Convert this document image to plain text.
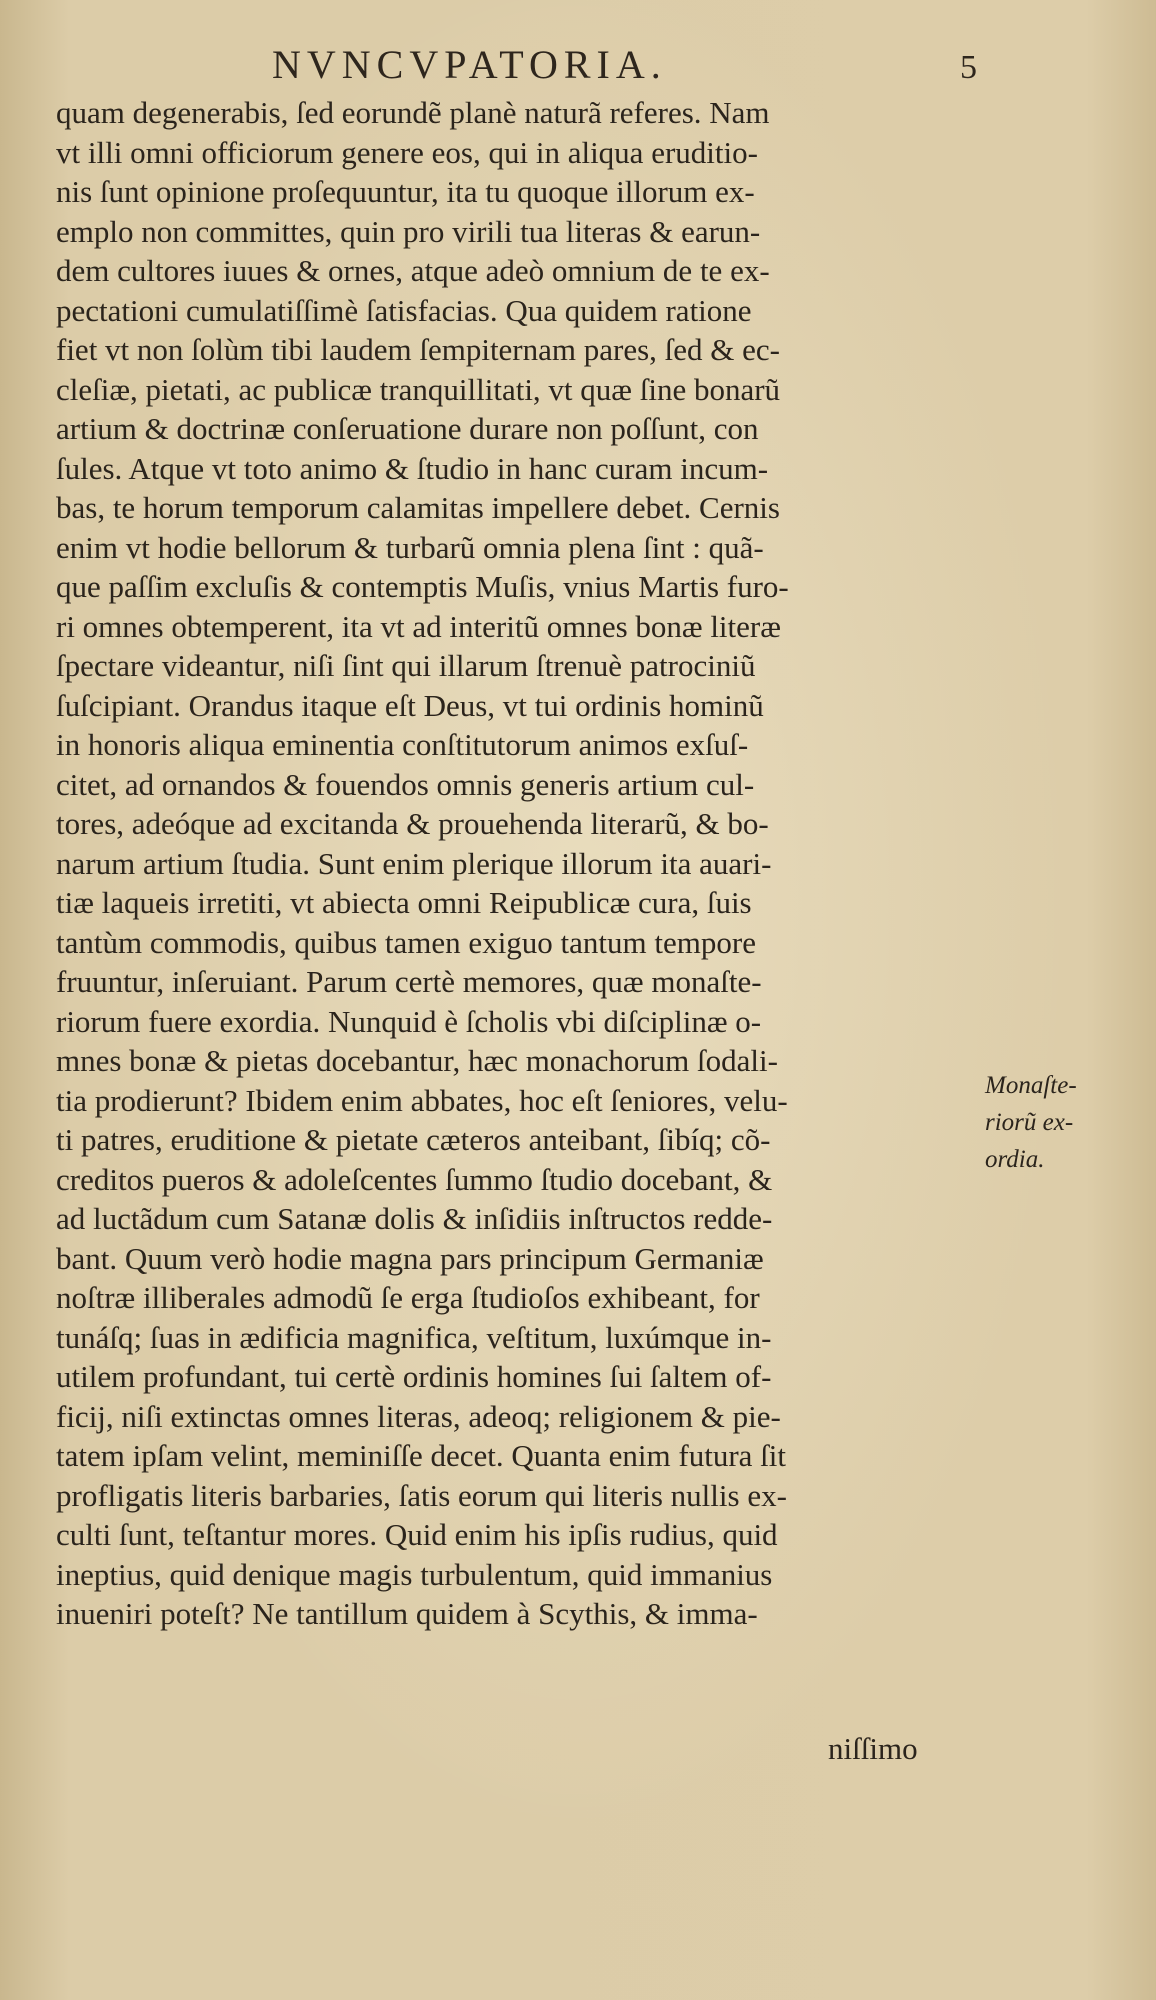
NVNCVPATORIA.	5
quam degenerabis, ſed eorundẽ planè naturã referes. Nam
vt illi omni officiorum genere eos, qui in aliqua eruditio-
nis ſunt opinione proſequuntur, ita tu quoque illorum ex-
emplo non committes, quin pro virili tua literas & earun-
dem cultores iuues & ornes, atque adeò omnium de te ex-
pectationi cumulatiſſimè ſatisfacias. Qua quidem ratione
fiet vt non ſolùm tibi laudem ſempiternam pares, ſed & ec-
cleſiæ, pietati, ac publicæ tranquillitati, vt quæ ſine bonarũ
artium & doctrinæ conſeruatione durare non poſſunt, con
ſules. Atque vt toto animo & ſtudio in hanc curam incum-
bas, te horum temporum calamitas impellere debet. Cernis
enim vt hodie bellorum & turbarũ omnia plena ſint : quã-
que paſſim excluſis & contemptis Muſis, vnius Martis furo-
ri omnes obtemperent, ita vt ad interitũ omnes bonæ literæ
ſpectare videantur, niſi ſint qui illarum ſtrenuè patrociniũ
ſuſcipiant. Orandus itaque eſt Deus, vt tui ordinis hominũ
in honoris aliqua eminentia conſtitutorum animos exſuſ-
citet, ad ornandos & fouendos omnis generis artium cul-
tores, adeóque ad excitanda & prouehenda literarũ, & bo-
narum artium ſtudia. Sunt enim plerique illorum ita auari-
tiæ laqueis irretiti, vt abiecta omni Reipublicæ cura, ſuis
tantùm commodis, quibus tamen exiguo tantum tempore
fruuntur, inſeruiant. Parum certè memores, quæ monaſte-
riorum fuere exordia. Nunquid è ſcholis vbi diſciplinæ o-
mnes bonæ & pietas docebantur, hæc monachorum ſodali-
tia prodierunt? Ibidem enim abbates, hoc eſt ſeniores, velu-
ti patres, eruditione & pietate cæteros anteibant, ſibíq; cõ-
creditos pueros & adoleſcentes ſummo ſtudio docebant, &
ad luctãdum cum Satanæ dolis & inſidiis inſtructos redde-
bant. Quum verò hodie magna pars principum Germaniæ
noſtræ illiberales admodũ ſe erga ſtudioſos exhibeant, for
tunáſq; ſuas in ædificia magnifica, veſtitum, luxúmque in-
utilem profundant, tui certè ordinis homines ſui ſaltem of-
ficij, niſi extinctas omnes literas, adeoq; religionem & pie-
tatem ipſam velint, meminiſſe decet. Quanta enim futura ſit
profligatis literis barbaries, ſatis eorum qui literis nullis ex-
culti ſunt, teſtantur mores. Quid enim his ipſis rudius, quid
ineptius, quid denique magis turbulentum, quid immanius
inueniri poteſt? Ne tantillum quidem à Scythis, & imma-
niſſimo
Monaſte-
riorũ ex-
ordia.
